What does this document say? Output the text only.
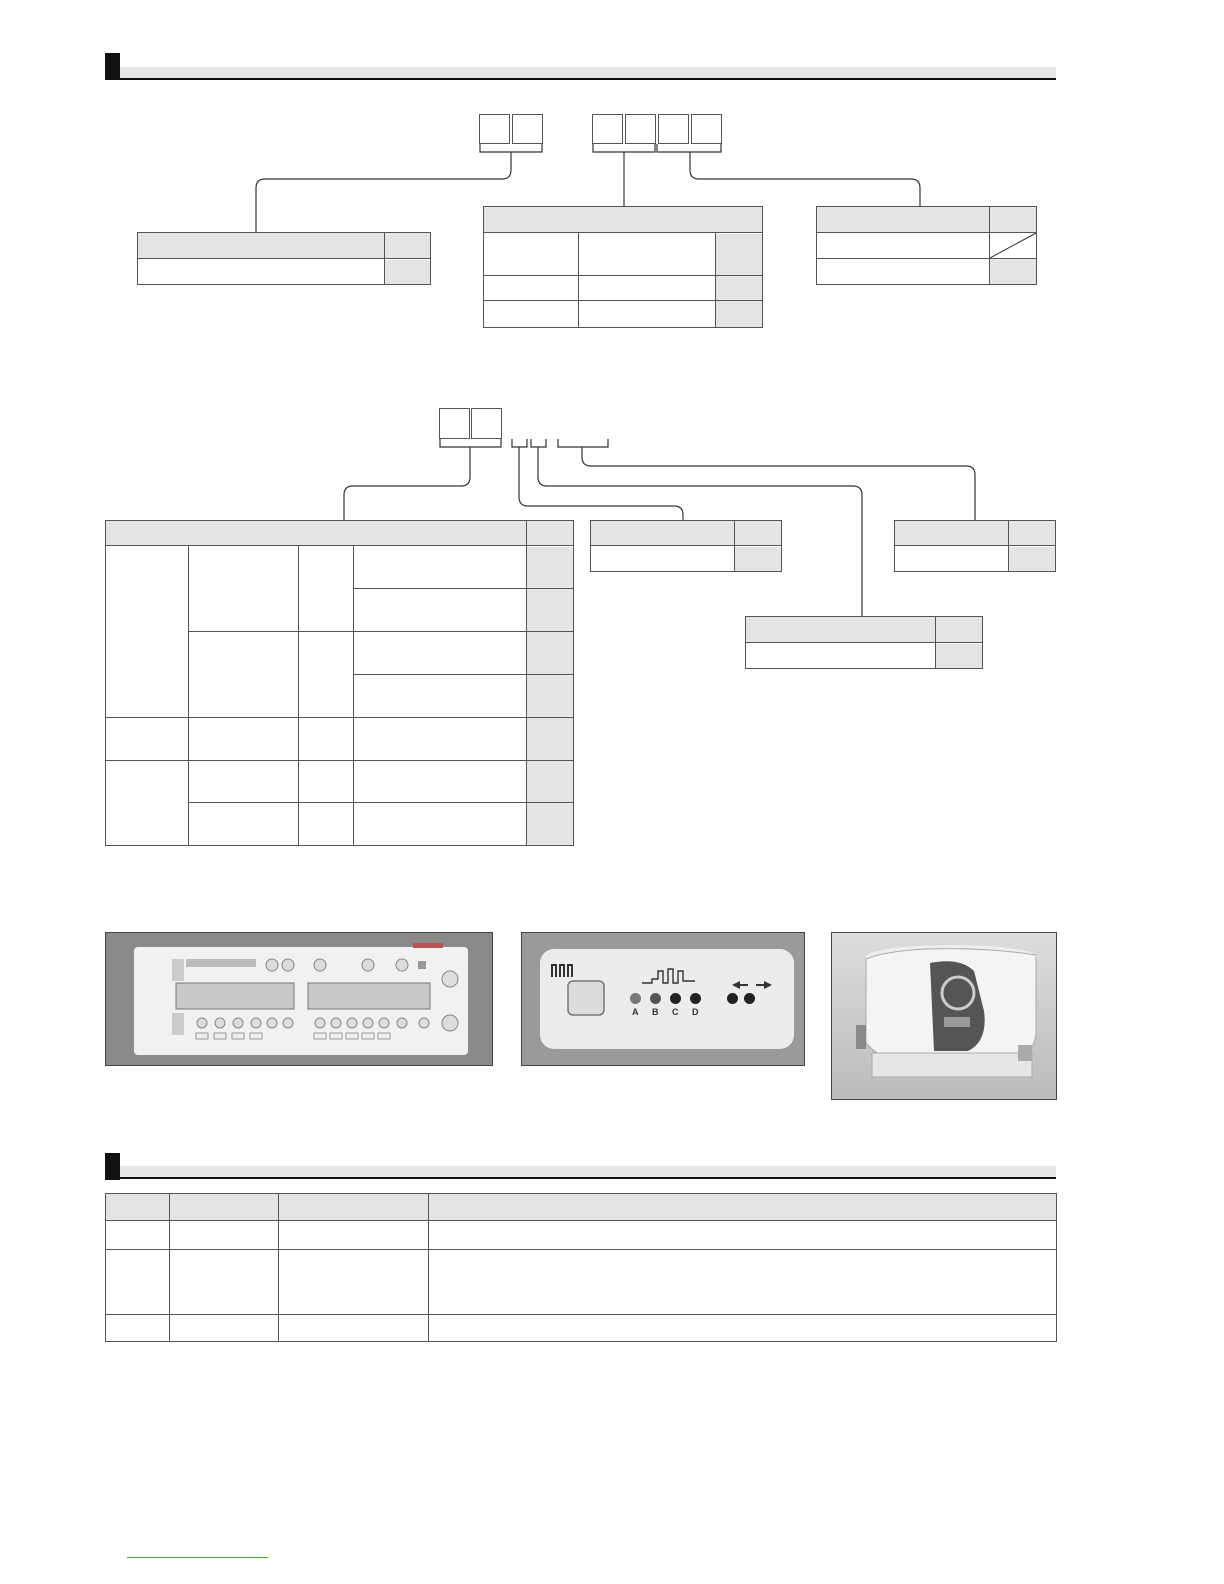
A B C D
